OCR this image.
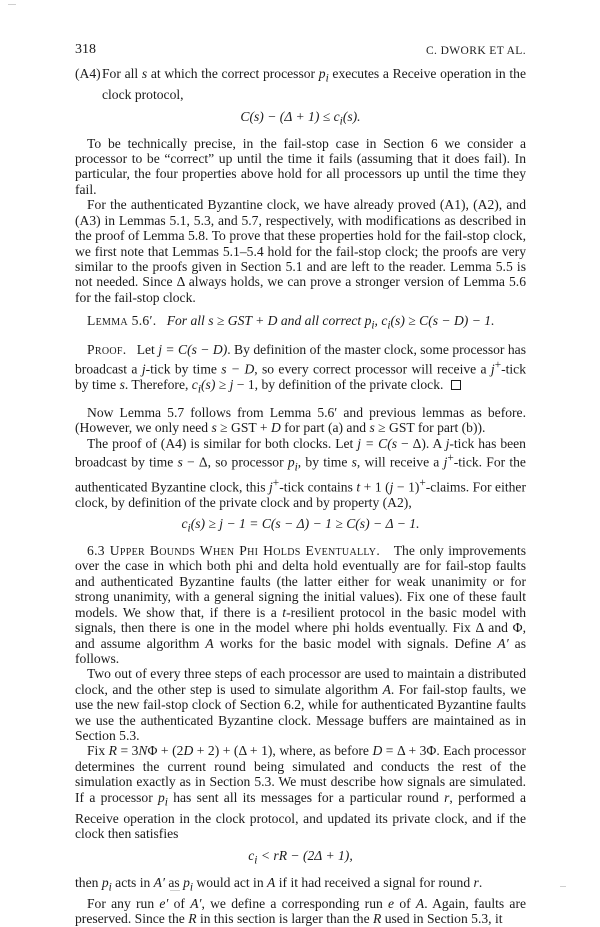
318	C. DWORK ET AL.
(A4) For all s at which the correct processor $p_i$ executes a Receive operation in the clock protocol,
$C(s) - (\Delta + 1) \le c_i(s)$.

To be technically precise, in the fail-stop case in Section 6 we consider a processor to be “correct” up until the time it fails (assuming that it does fail). In particular, the four properties above hold for all processors up until the time they fail.

For the authenticated Byzantine clock, we have already proved (A1), (A2), and (A3) in Lemmas 5.1, 5.3, and 5.7, respectively, with modifications as described in the proof of Lemma 5.8. To prove that these properties hold for the fail-stop clock, we first note that Lemmas 5.1–5.4 hold for the fail-stop clock; the proofs are very similar to the proofs given in Section 5.1 and are left to the reader. Lemma 5.5 is not needed. Since Δ always holds, we can prove a stronger version of Lemma 5.6 for the fail-stop clock.

Lemma 5.6′. For all s ≥ GST + D and all correct $p_i$, $c_i(s) \ge C(s - D) - 1$.

Proof. Let j = C(s − D). By definition of the master clock, some processor has broadcast a j-tick by time s − D, so every correct processor will receive a j+-tick by time s. Therefore, $c_i(s) \ge j - 1$, by definition of the private clock.

Now Lemma 5.7 follows from Lemma 5.6′ and previous lemmas as before. (However, we only need s ≥ GST + D for part (a) and s ≥ GST for part (b)).

The proof of (A4) is similar for both clocks. Let j = C(s − Δ). A j-tick has been broadcast by time s − Δ, so processor $p_i$, by time s, will receive a j+-tick. For the authenticated Byzantine clock, this j+-tick contains t + 1 (j − 1)+-claims. For either clock, by definition of the private clock and by property (A2),

$c_i(s) \ge j - 1 = C(s - \Delta) - 1 \ge C(s) - \Delta - 1$.

6.3 Upper Bounds When Phi Holds Eventually. The only improvements over the case in which both phi and delta hold eventually are for fail-stop faults and authenticated Byzantine faults (the latter either for weak unanimity or for strong unanimity, with a general signing the initial values). Fix one of these fault models. We show that, if there is a t-resilient protocol in the basic model with signals, then there is one in the model where phi holds eventually. Fix Δ and Φ, and assume algorithm A works for the basic model with signals. Define A′ as follows.

Two out of every three steps of each processor are used to maintain a distributed clock, and the other step is used to simulate algorithm A. For fail-stop faults, we use the new fail-stop clock of Section 6.2, while for authenticated Byzantine faults we use the authenticated Byzantine clock. Message buffers are maintained as in Section 5.3.

Fix R = 3NΦ + (2D + 2) + (Δ + 1), where, as before D = Δ + 3Φ. Each processor determines the current round being simulated and conducts the rest of the simulation exactly as in Section 5.3. We must describe how signals are simulated. If a processor $p_i$ has sent all its messages for a particular round r, performed a Receive operation in the clock protocol, and updated its private clock, and if the clock then satisfies

$c_i$ < rR − (2Δ + 1),

then $p_i$ acts in A′ as $p_i$ would act in A if it had received a signal for round r.

For any run e′ of A′, we define a corresponding run e of A. Again, faults are preserved. Since the R in this section is larger than the R used in Section 5.3, it
